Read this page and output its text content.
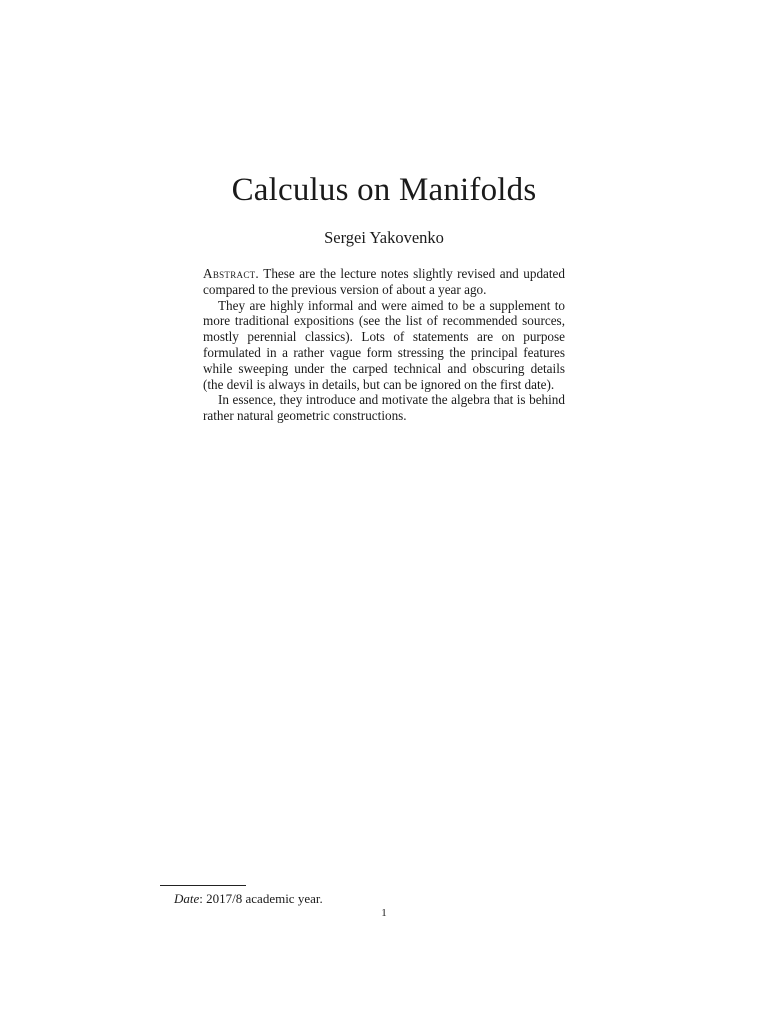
Calculus on Manifolds
Sergei Yakovenko

Abstract. These are the lecture notes slightly revised and updated compared to the previous version of about a year ago.

They are highly informal and were aimed to be a supplement to more traditional expositions (see the list of recommended sources, mostly perennial classics). Lots of statements are on purpose formulated in a rather vague form stressing the principal features while sweeping under the carped technical and obscuring details (the devil is always in details, but can be ignored on the first date).

In essence, they introduce and motivate the algebra that is behind rather natural geometric constructions.

Date: 2017/8 academic year.
1
